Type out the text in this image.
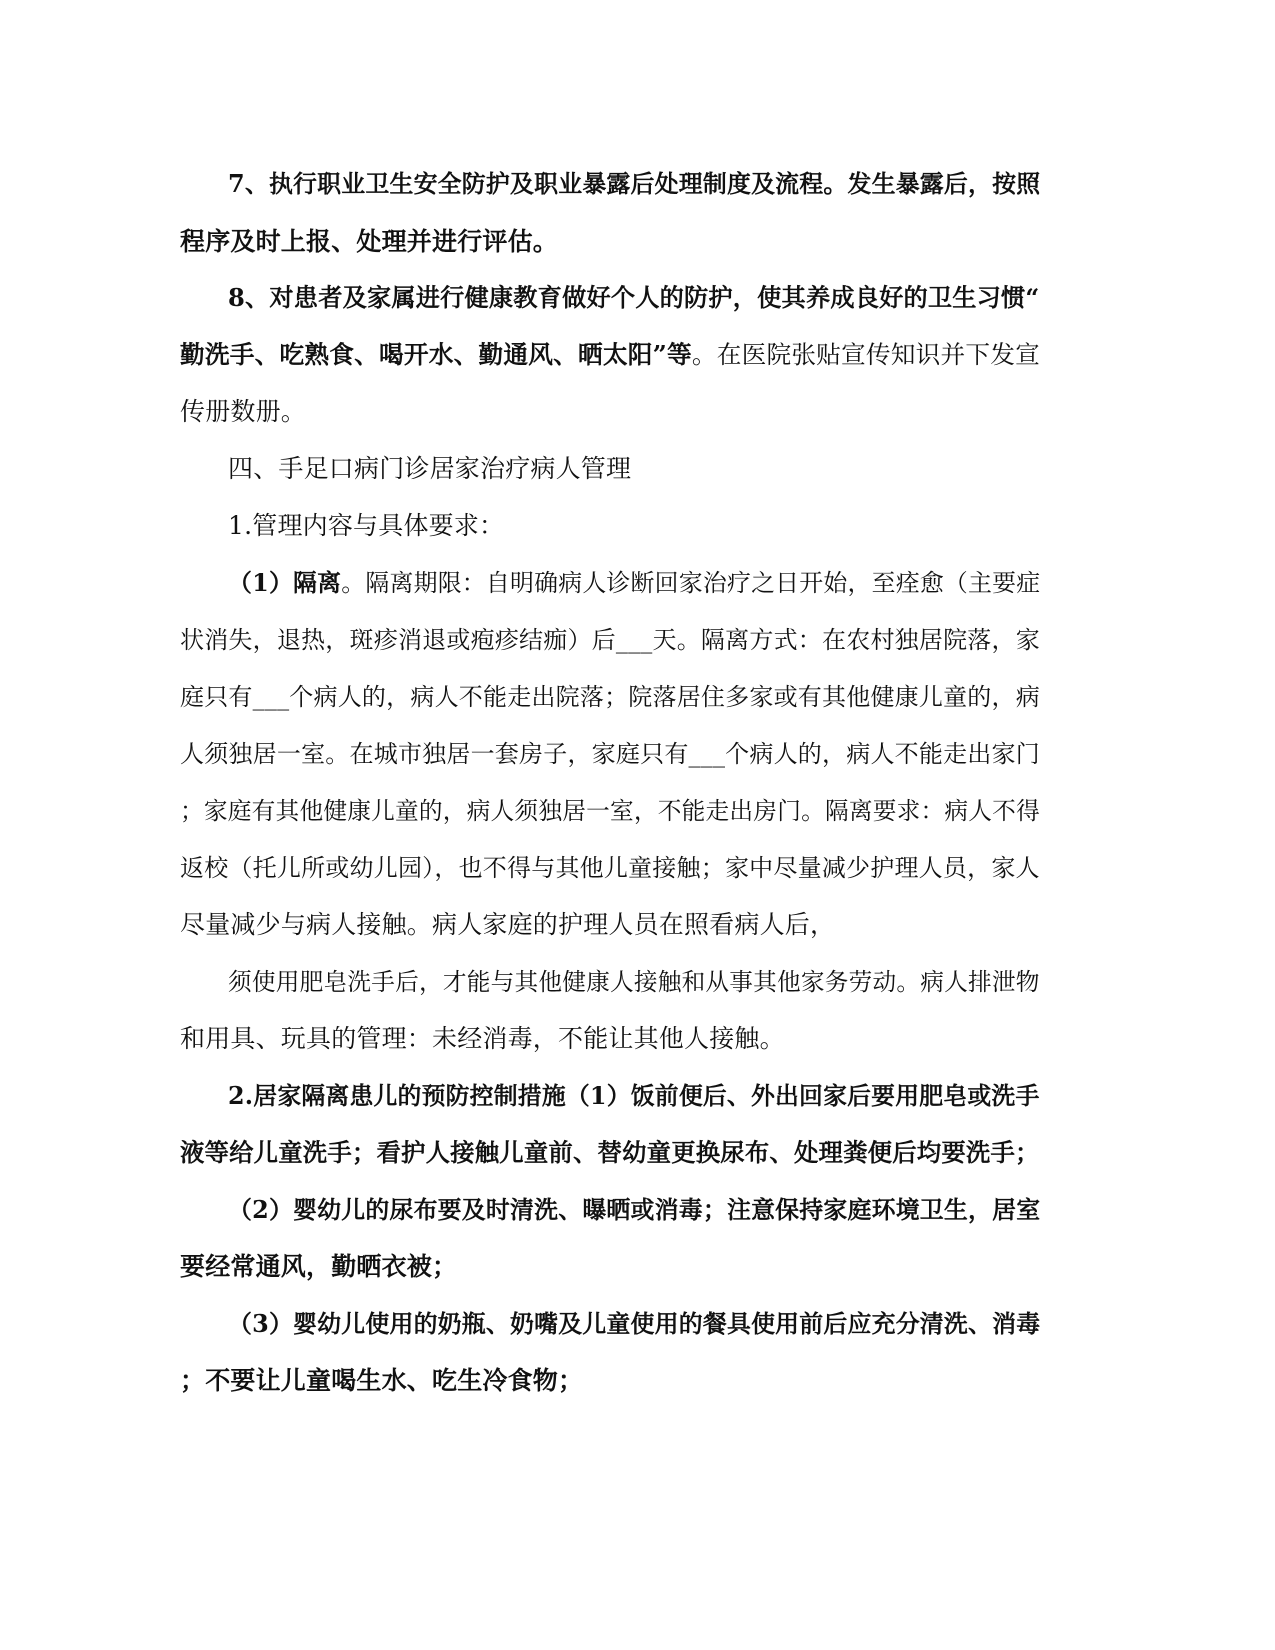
7、执行职业卫生安全防护及职业暴露后处理制度及流程。发生暴露后，按照
程序及时上报、处理并进行评估。
8、对患者及家属进行健康教育做好个人的防护，使其养成良好的卫生习惯“
勤洗手、吃熟食、喝开水、勤通风、晒太阳”等。在医院张贴宣传知识并下发宣
传册数册。
四、手足口病门诊居家治疗病人管理
1.管理内容与具体要求：
（1）隔离。隔离期限：自明确病人诊断回家治疗之日开始，至痊愈（主要症
状消失，退热，斑疹消退或疱疹结痂）后___天。隔离方式：在农村独居院落，家
庭只有___个病人的，病人不能走出院落；院落居住多家或有其他健康儿童的，病
人须独居一室。在城市独居一套房子，家庭只有___个病人的，病人不能走出家门
；家庭有其他健康儿童的，病人须独居一室，不能走出房门。隔离要求：病人不得
返校（托儿所或幼儿园），也不得与其他儿童接触；家中尽量减少护理人员，家人
尽量减少与病人接触。病人家庭的护理人员在照看病人后，
须使用肥皂洗手后，才能与其他健康人接触和从事其他家务劳动。病人排泄物
和用具、玩具的管理：未经消毒，不能让其他人接触。
2.居家隔离患儿的预防控制措施（1）饭前便后、外出回家后要用肥皂或洗手
液等给儿童洗手；看护人接触儿童前、替幼童更换尿布、处理粪便后均要洗手；
（2）婴幼儿的尿布要及时清洗、曝晒或消毒；注意保持家庭环境卫生，居室
要经常通风，勤晒衣被；
（3）婴幼儿使用的奶瓶、奶嘴及儿童使用的餐具使用前后应充分清洗、消毒
；不要让儿童喝生水、吃生冷食物；
